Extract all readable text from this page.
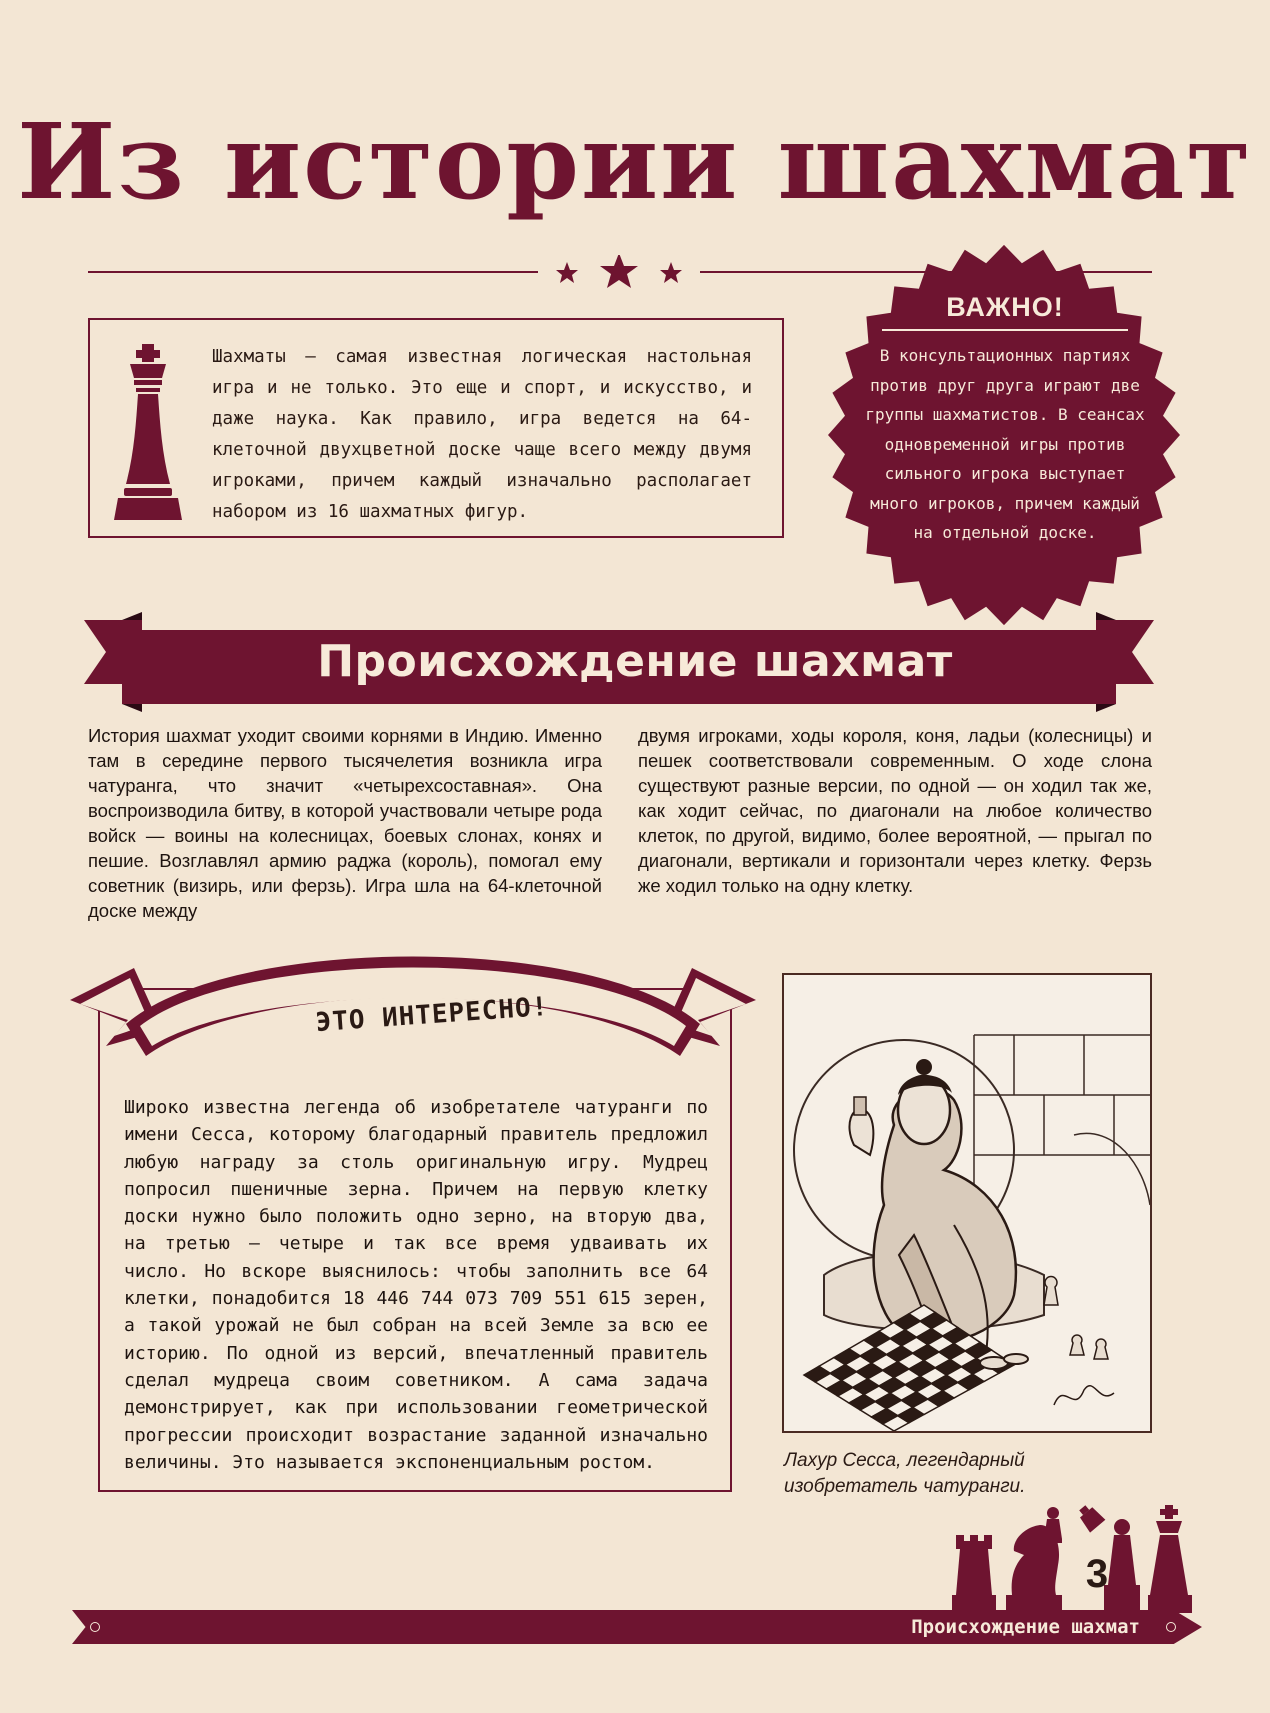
Из истории шахмат
Шахматы — самая известная логическая настольная игра и не только. Это еще и спорт, и искусство, и даже наука. Как правило, игра ведется на 64-клеточной двухцветной доске чаще всего между двумя игроками, причем каждый изначально располагает набором из 16 шахматных фигур.
ВАЖНО!
В консультационных партиях против друг друга играют две группы шахматистов. В сеансах одновременной игры против сильного игрока выступает много игроков, причем каждый на отдельной доске.
Происхождение шахмат
История шахмат уходит своими корнями в Индию. Именно там в середине первого тысячелетия возникла игра чатуранга, что значит «четырехсоставная». Она воспроизводила битву, в которой участвовали четыре рода войск — воины на колесницах, боевых слонах, конях и пешие. Возглавлял армию раджа (король), помогал ему советник (визирь, или ферзь). Игра шла на 64-клеточной доске между
двумя игроками, ходы короля, коня, ладьи (колесницы) и пешек соответствовали современным. О ходе слона существуют разные версии, по одной — он ходил так же, как ходит сейчас, по диагонали на любое количество клеток, по другой, видимо, более вероятной, — прыгал по диагонали, вертикали и горизонтали через клетку. Ферзь же ходил только на одну клетку.
ЭТО ИНТЕРЕСНО!
Широко известна легенда об изобретателе чатуранги по имени Сесса, которому благодарный правитель предложил любую награду за столь оригинальную игру. Мудрец попросил пшеничные зерна. Причем на первую клетку доски нужно было положить одно зерно, на вторую два, на третью — четыре и так все время удваивать их число. Но вскоре выяснилось: чтобы заполнить все 64 клетки, понадобится 18 446 744 073 709 551 615 зерен, а такой урожай не был собран на всей Земле за всю ее историю. По одной из версий, впечатленный правитель сделал мудреца своим советником. А сама задача демонстрирует, как при использовании геометрической прогрессии происходит возрастание заданной изначально величины. Это называется экспоненциальным ростом.	Лахур Сесса, легендарный изобретатель чатуранги.
3
Происхождение шахмат
